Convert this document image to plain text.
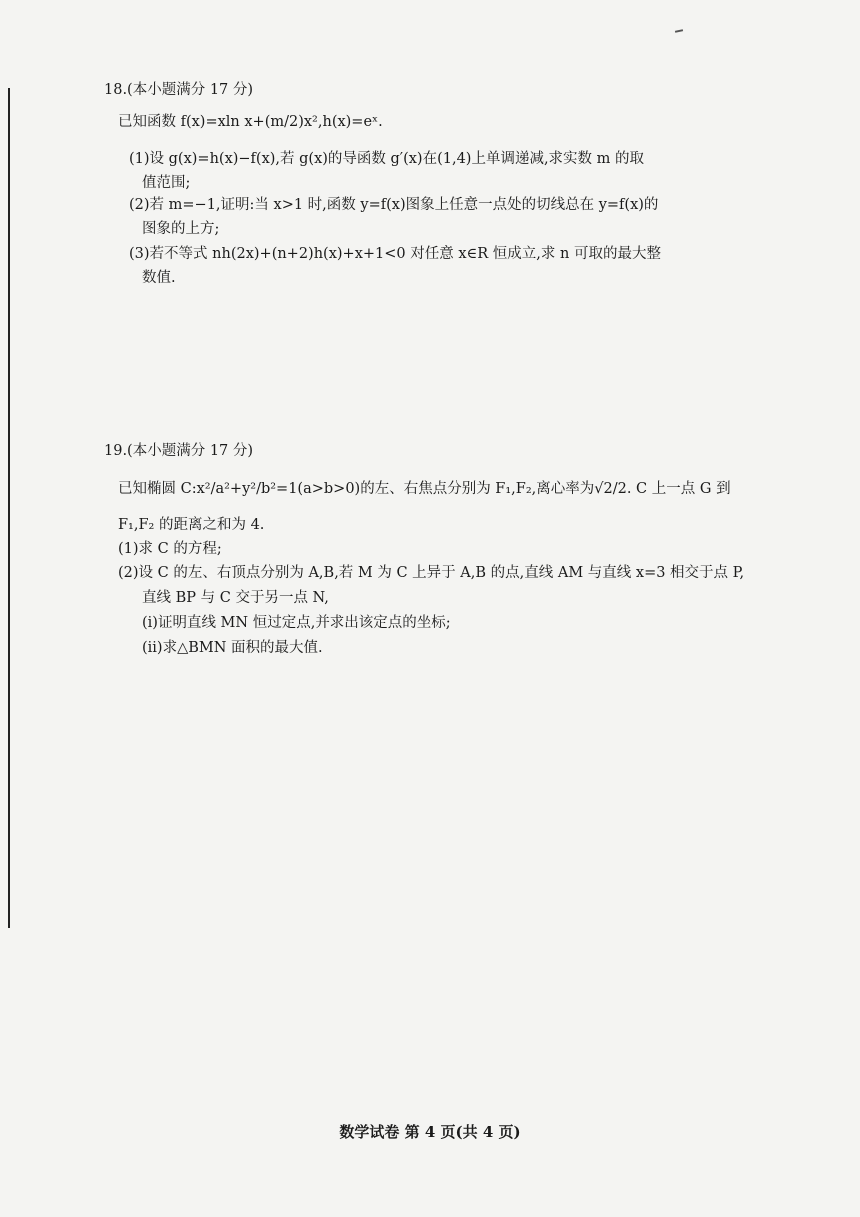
18.(本小题满分 17 分)
已知函数 f(x)=xln x+(m/2)x²,h(x)=eˣ.
(1)设 g(x)=h(x)−f(x),若 g(x)的导函数 g′(x)在(1,4)上单调递减,求实数 m 的取
值范围;
(2)若 m=−1,证明:当 x>1 时,函数 y=f(x)图象上任意一点处的切线总在 y=f(x)的
图象的上方;
(3)若不等式 nh(2x)+(n+2)h(x)+x+1<0 对任意 x∈R 恒成立,求 n 可取的最大整
数值.
19.(本小题满分 17 分)
已知椭圆 C:x²/a²+y²/b²=1(a>b>0)的左、右焦点分别为 F₁,F₂,离心率为√2/2. C 上一点 G 到
F₁,F₂ 的距离之和为 4.
(1)求 C 的方程;
(2)设 C 的左、右顶点分别为 A,B,若 M 为 C 上异于 A,B 的点,直线 AM 与直线 x=3 相交于点 P,
直线 BP 与 C 交于另一点 N,
(i)证明直线 MN 恒过定点,并求出该定点的坐标;
(ii)求△BMN 面积的最大值.
数学试卷 第 4 页(共 4 页)
